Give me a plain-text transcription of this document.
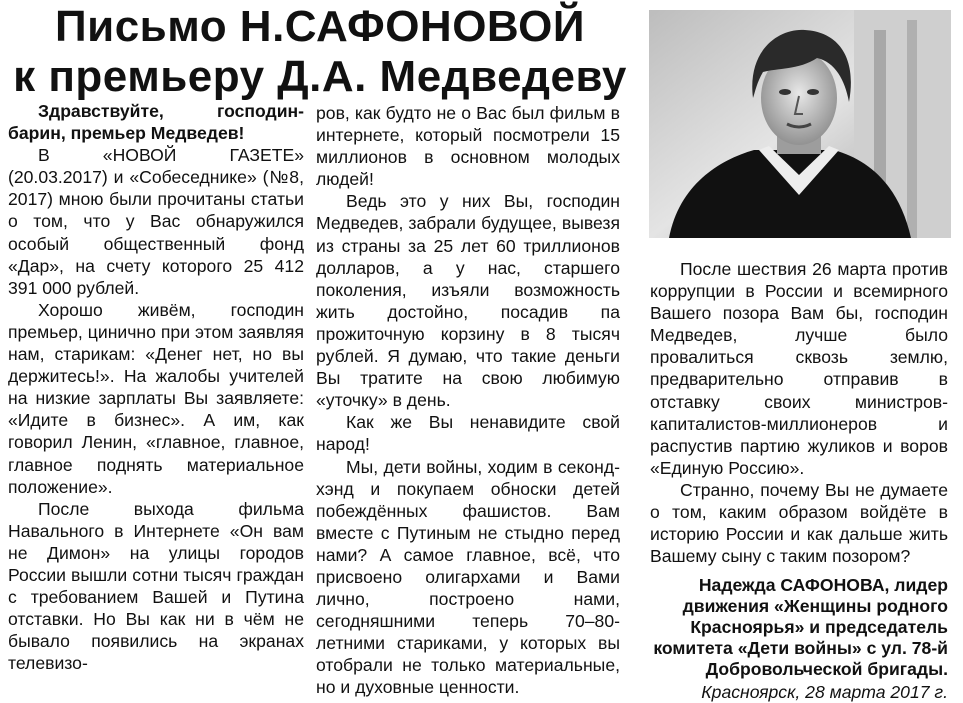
Письмо Н.САФОНОВОЙ
к премьеру Д.А. Медведеву

Здравствуйте, господин-барин, премьер Медведев!

В «НОВОЙ ГАЗЕТЕ» (20.03.2017) и «Собеседнике» (№8, 2017) мною были прочитаны статьи о том, что у Вас обнаружился особый общественный фонд «Дар», на счету которого 25 412 391 000 рублей.

Хорошо живём, господин премьер, цинично при этом заявляя нам, старикам: «Денег нет, но вы держитесь!». На жалобы учителей на низкие зарплаты Вы заявляете: «Идите в бизнес». А им, как говорил Ленин, «главное, главное, главное поднять материальное положение».

После выхода фильма Навального в Интернете «Он вам не Димон» на улицы городов России вышли сотни тысяч граждан с требованием Вашей и Путина отставки. Но Вы как ни в чём не бывало появились на экранах телевизо-

ров, как будто не о Вас был фильм в интернете, который посмотрели 15 миллионов в основном молодых людей!

Ведь это у них Вы, господин Медведев, забрали будущее, вывезя из страны за 25 лет 60 триллионов долларов, а у нас, старшего поколения, изъяли возможность жить достойно, посадив па прожиточную корзину в 8 тысяч рублей. Я думаю, что такие деньги Вы тратите на свою любимую «уточку» в день.

Как же Вы ненавидите свой народ!

Мы, дети войны, ходим в секонд-хэнд и покупаем обноски детей побеждённых фашистов. Вам вместе с Путиным не стыдно перед нами? А самое главное, всё, что присвоено олигархами и Вами лично, построено нами, сегодняшними теперь 70–80-летними стариками, у которых вы отобрали не только материальные, но и духовные ценности.

После шествия 26 марта против коррупции в России и всемирного Вашего позора Вам бы, господин Медведев, лучше было провалиться сквозь землю, предварительно отправив в отставку своих министров-капиталистов-миллионеров и распустив партию жуликов и воров «Единую Россию».

Странно, почему Вы не думаете о том, каким образом войдёте в историю России и как дальше жить Вашему сыну с таким позором?

Надежда САФОНОВА, лидер движения «Женщины родного Красноярья» и председатель комитета «Дети войны» с ул. 78-й Добровольческой бригады.

Красноярск, 28 марта 2017 г.
